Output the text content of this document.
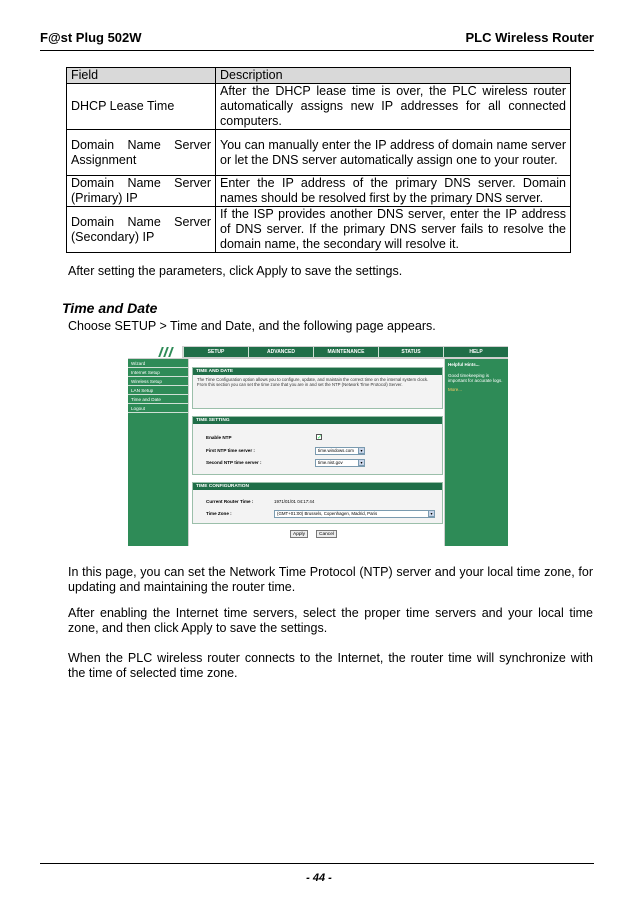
F@st Plug 502W	PLC Wireless Router
Field	Description
DHCP Lease Time	After the DHCP lease time is over, the PLC wireless router automatically assigns new IP addresses for all connected computers.
Domain Name Server Assignment	You can manually enter the IP address of domain name server or let the DNS server automatically assign one to your router.
Domain Name Server (Primary) IP	Enter the IP address of the primary DNS server. Domain names should be resolved first by the primary DNS server.
Domain Name Server (Secondary) IP	If the ISP provides another DNS server, enter the IP address of DNS server. If the primary DNS server fails to resolve the domain name, the secondary will resolve it.
After setting the parameters, click Apply to save the settings.
Time and Date
Choose SETUP > Time and Date, and the following page appears.
SETUP	ADVANCED	MAINTENANCE	STATUS	HELP
Wizard
Internet Setup
Wireless Setup
LAN Setup
Time and Date
Logout
TIME AND DATE
The Time Configuration option allows you to configure, update, and maintain the correct time on the internal system clock. From this section you can set the time zone that you are in and set the NTP (Network Time Protocol) Server.
TIME SETTING
Enable NTP	✓
First NTP time server :	time.windows.com	▾
Second NTP time server :	time.nist.gov	▾
TIME CONFIGURATION
Current Router Time :	1971/01/01 04:17:44
Time Zone :	(GMT+01:00) Brussels, Copenhagen, Madrid, Paris	▾
Apply	Cancel
Helpful Hints...
Good timekeeping is important for accurate logs.
More...
In this page, you can set the Network Time Protocol (NTP) server and your local time zone, for updating and maintaining the router time.
After enabling the Internet time servers, select the proper time servers and your local time zone, and then click Apply to save the settings.
When the PLC wireless router connects to the Internet, the router time will synchronize with the time of selected time zone.
- 44 -
